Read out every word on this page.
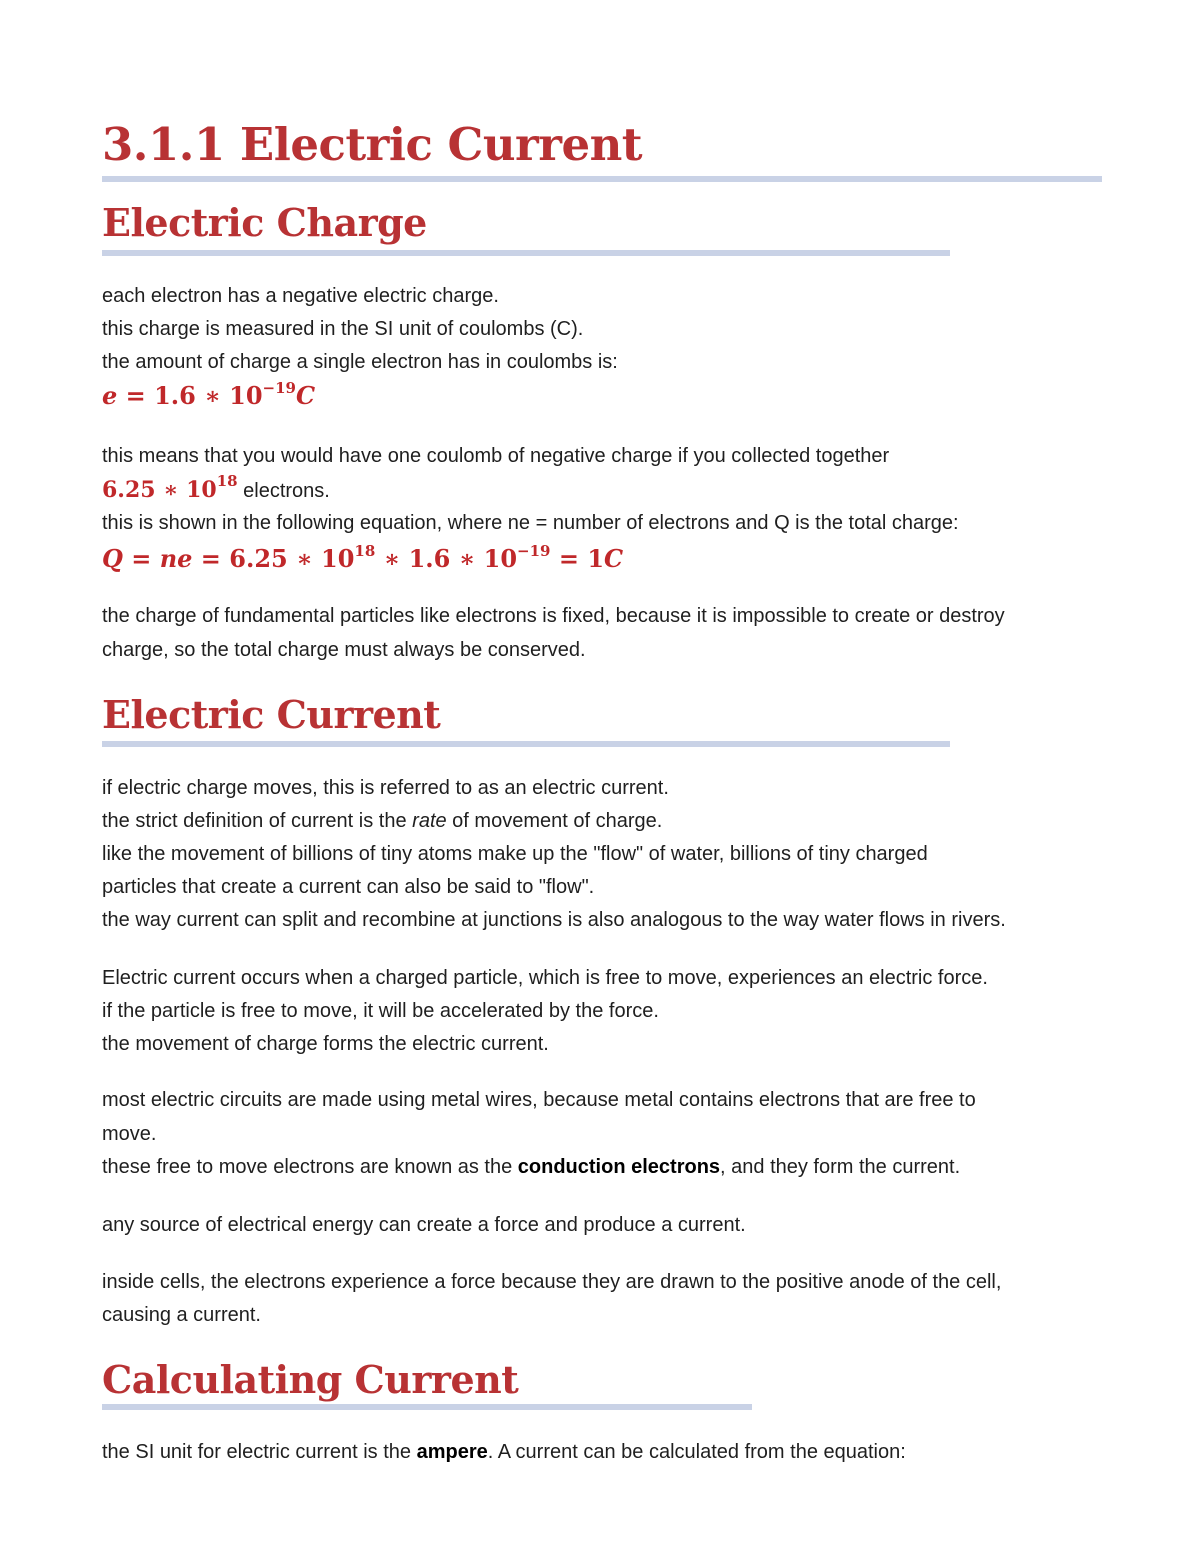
3.1.1 Electric Current
Electric Charge
each electron has a negative electric charge.
this charge is measured in the SI unit of coulombs (C).
the amount of charge a single electron has in coulombs is:
e = 1.6 ∗ $10^{-19}C$
this means that you would have one coulomb of negative charge if you collected together
6.25 ∗ $10^{18}$ electrons.
this is shown in the following equation, where ne = number of electrons and Q is the total charge:
Q = ne = 6.25 ∗ $10^{18}$ ∗ 1.6 ∗ $10^{-19} = 1C$
the charge of fundamental particles like electrons is fixed, because it is impossible to create or destroy
charge, so the total charge must always be conserved.
Electric Current
if electric charge moves, this is referred to as an electric current.
the strict definition of current is the rate of movement of charge.
like the movement of billions of tiny atoms make up the "flow" of water, billions of tiny charged
particles that create a current can also be said to "flow".
the way current can split and recombine at junctions is also analogous to the way water flows in rivers.
Electric current occurs when a charged particle, which is free to move, experiences an electric force.
if the particle is free to move, it will be accelerated by the force.
the movement of charge forms the electric current.
most electric circuits are made using metal wires, because metal contains electrons that are free to
move.
these free to move electrons are known as the conduction electrons, and they form the current.
any source of electrical energy can create a force and produce a current.
inside cells, the electrons experience a force because they are drawn to the positive anode of the cell,
causing a current.
Calculating Current
the SI unit for electric current is the ampere. A current can be calculated from the equation:
